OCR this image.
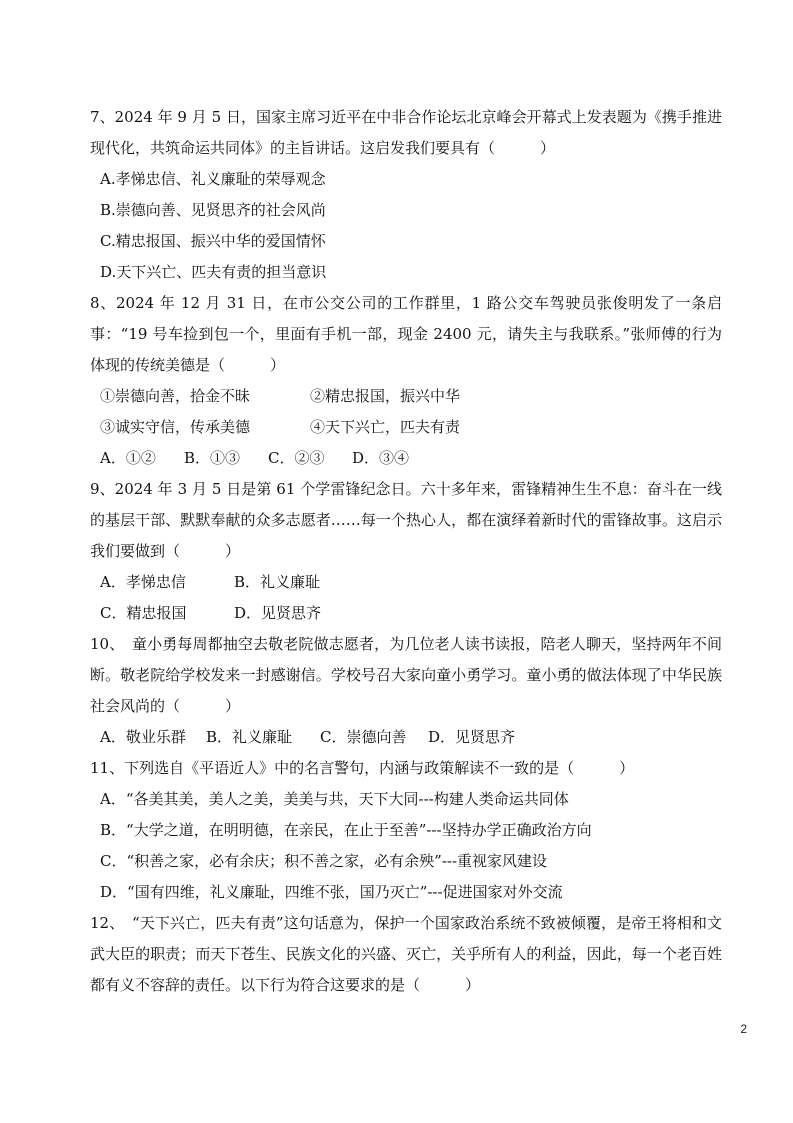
7、2024 年 9 月 5 日，国家主席习近平在中非合作论坛北京峰会开幕式上发表题为《携手推进现代化，共筑命运共同体》的主旨讲话。这启发我们要具有（　　　）

A.孝悌忠信、礼义廉耻的荣辱观念

B.崇德向善、见贤思齐的社会风尚

C.精忠报国、振兴中华的爱国情怀

D.天下兴亡、匹夫有责的担当意识

8、2024 年 12 月 31 日，在市公交公司的工作群里，1 路公交车驾驶员张俊明发了一条启事：“19 号车捡到包一个，里面有手机一部，现金 2400 元，请失主与我联系。”张师傅的行为体现的传统美德是（　　　）

①崇德向善，拾金不昧	②精忠报国，振兴中华

③诚实守信，传承美德	④天下兴亡，匹夫有责

A．①② B．①③ C．②③ D．③④

9、2024 年 3 月 5 日是第 61 个学雷锋纪念日。六十多年来，雷锋精神生生不息：奋斗在一线的基层干部、默默奉献的众多志愿者……每一个热心人，都在演绎着新时代的雷锋故事。这启示我们要做到（　　　）

A．孝悌忠信	B．礼义廉耻

C．精忠报国	D．见贤思齐

10、　童小勇每周都抽空去敬老院做志愿者，为几位老人读书读报，陪老人聊天，坚持两年不间断。敬老院给学校发来一封感谢信。学校号召大家向童小勇学习。童小勇的做法体现了中华民族社会风尚的（　　　）

A．敬业乐群 B．礼义廉耻 C．崇德向善 D．见贤思齐

11、下列选自《平语近人》中的名言警句，内涵与政策解读不一致的是（　　　）

A．“各美其美，美人之美，美美与共，天下大同---构建人类命运共同体

B．“大学之道，在明明德，在亲民，在止于至善”---坚持办学正确政治方向

C．“积善之家，必有余庆；积不善之家，必有余殃”---重视家风建设

D．“国有四维，礼义廉耻，四维不张，国乃灭亡”---促进国家对外交流

12、　“天下兴亡，匹夫有责”这句话意为，保护一个国家政治系统不致被倾覆，是帝王将相和文武大臣的职责；而天下苍生、民族文化的兴盛、灭亡，关乎所有人的利益，因此，每一个老百姓都有义不容辞的责任。以下行为符合这要求的是（　　　）

2
